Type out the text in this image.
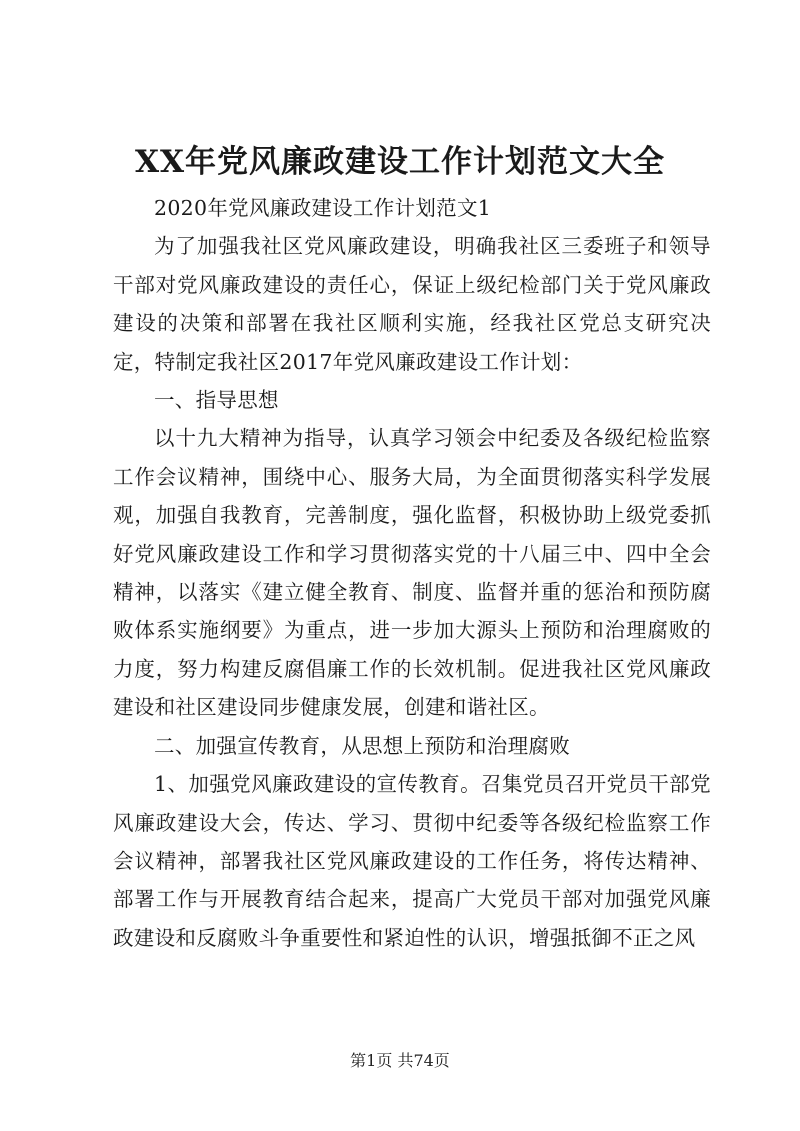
XX年党风廉政建设工作计划范文大全

2020年党风廉政建设工作计划范文1

为了加强我社区党风廉政建设，明确我社区三委班子和领导干部对党风廉政建设的责任心，保证上级纪检部门关于党风廉政建设的决策和部署在我社区顺利实施，经我社区党总支研究决定，特制定我社区2017年党风廉政建设工作计划：

一、指导思想

以十九大精神为指导，认真学习领会中纪委及各级纪检监察工作会议精神，围绕中心、服务大局，为全面贯彻落实科学发展观，加强自我教育，完善制度，强化监督，积极协助上级党委抓好党风廉政建设工作和学习贯彻落实党的十八届三中、四中全会精神，以落实《建立健全教育、制度、监督并重的惩治和预防腐败体系实施纲要》为重点，进一步加大源头上预防和治理腐败的力度，努力构建反腐倡廉工作的长效机制。促进我社区党风廉政建设和社区建设同步健康发展，创建和谐社区。

二、加强宣传教育，从思想上预防和治理腐败

1、加强党风廉政建设的宣传教育。召集党员召开党员干部党风廉政建设大会，传达、学习、贯彻中纪委等各级纪检监察工作会议精神，部署我社区党风廉政建设的工作任务，将传达精神、部署工作与开展教育结合起来，提高广大党员干部对加强党风廉政建设和反腐败斗争重要性和紧迫性的认识，增强抵御不正之风

第1页 共74页
